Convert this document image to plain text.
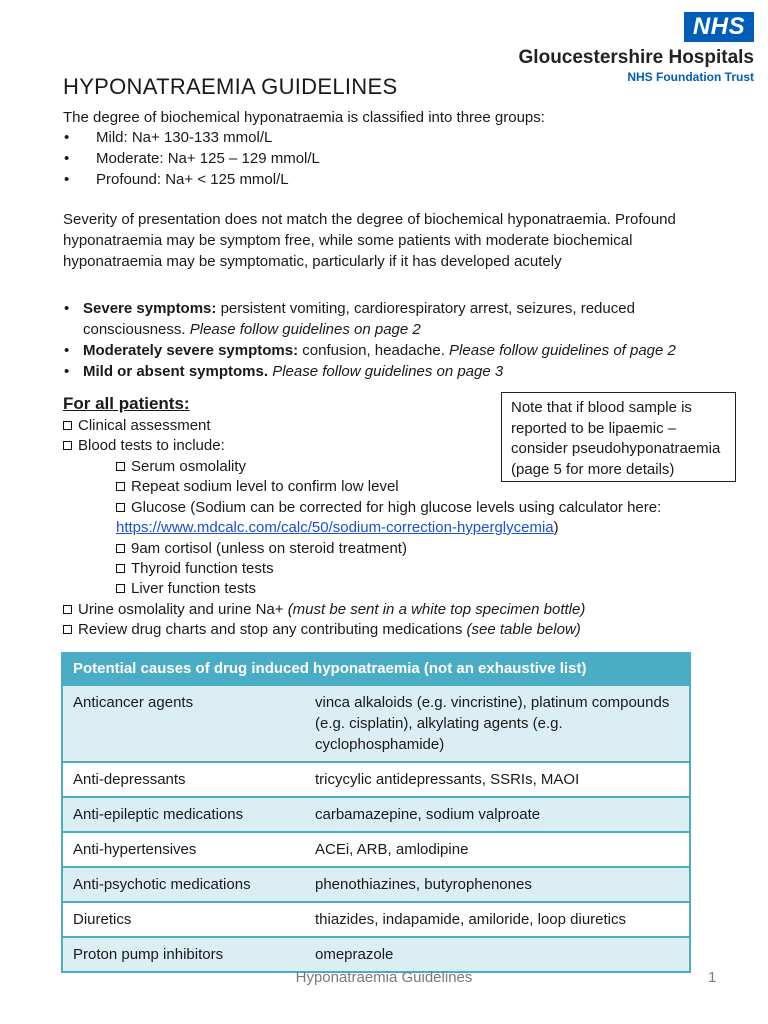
NHS
Gloucestershire Hospitals
NHS Foundation Trust
HYPONATRAEMIA GUIDELINES
The degree of biochemical hyponatraemia is classified into three groups:
• Mild: Na+ 130-133 mmol/L
• Moderate: Na+ 125 – 129 mmol/L
• Profound: Na+ < 125 mmol/L
Severity of presentation does not match the degree of biochemical hyponatraemia. Profound hyponatraemia may be symptom free, while some patients with moderate biochemical hyponatraemia may be symptomatic, particularly if it has developed acutely
• Severe symptoms: persistent vomiting, cardiorespiratory arrest, seizures, reduced consciousness. Please follow guidelines on page 2
• Moderately severe symptoms: confusion, headache. Please follow guidelines of page 2
• Mild or absent symptoms. Please follow guidelines on page 3
For all patients:	Note that if blood sample is reported to be lipaemic – consider pseudohyponatraemia (page 5 for more details)
Clinical assessment
Blood tests to include:
Serum osmolality
Repeat sodium level to confirm low level
Glucose (Sodium can be corrected for high glucose levels using calculator here:
https://www.mdcalc.com/calc/50/sodium-correction-hyperglycemia)
9am cortisol (unless on steroid treatment)
Thyroid function tests
Liver function tests
Urine osmolality and urine Na+ (must be sent in a white top specimen bottle)
Review drug charts and stop any contributing medications (see table below)
Potential causes of drug induced hyponatraemia (not an exhaustive list)	
Anticancer agents	vinca alkaloids (e.g. vincristine), platinum compounds (e.g. cisplatin), alkylating agents (e.g. cyclophosphamide)
Anti-depressants	tricycylic antidepressants, SSRIs, MAOI
Anti-epileptic medications	carbamazepine, sodium valproate
Anti-hypertensives	ACEi, ARB, amlodipine
Anti-psychotic medications	phenothiazines, butyrophenones
Diuretics	thiazides, indapamide, amiloride, loop diuretics
Proton pump inhibitors	omeprazole
Hyponatraemia Guidelines	1
